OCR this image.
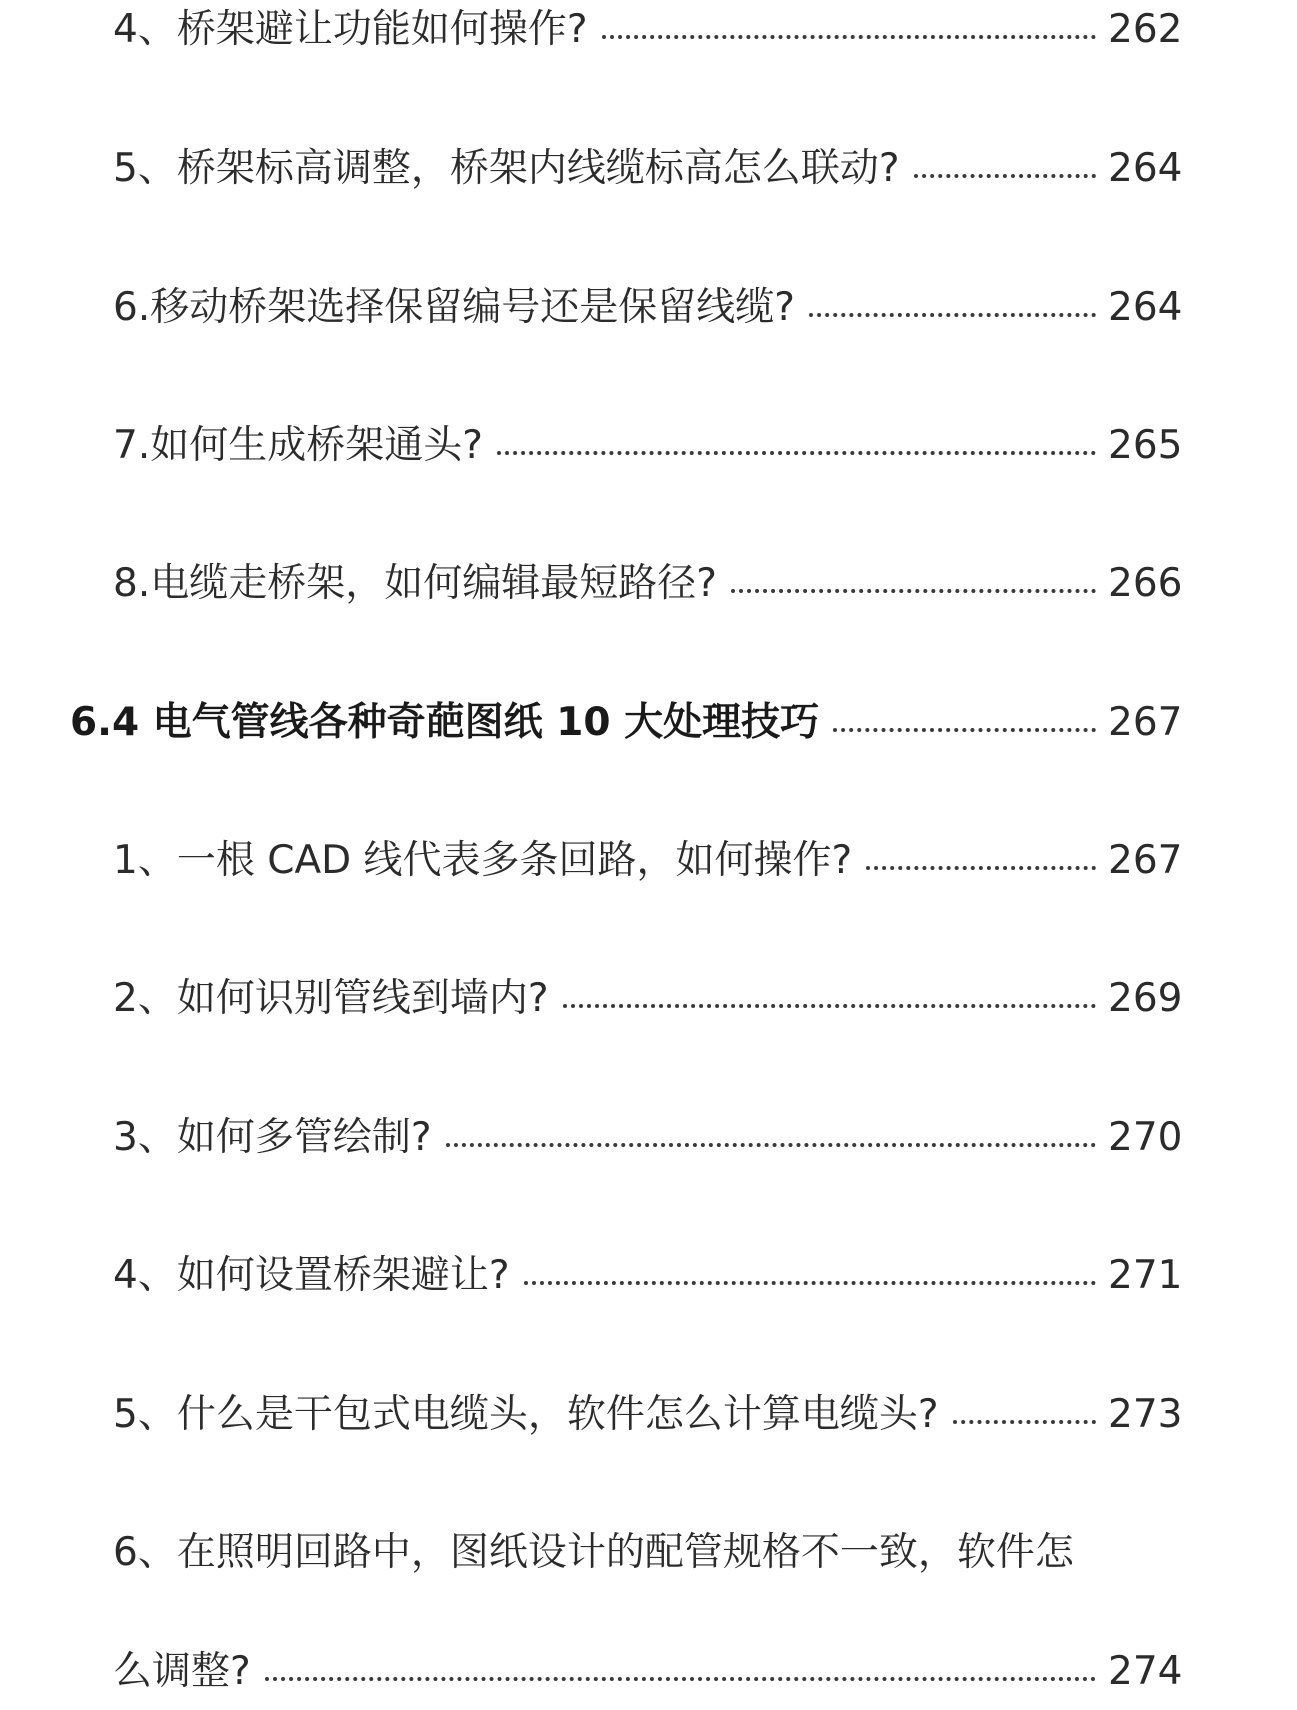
4、桥架避让功能如何操作?	262
5、桥架标高调整，桥架内线缆标高怎么联动?	264
6.移动桥架选择保留编号还是保留线缆?	264
7.如何生成桥架通头?	265
8.电缆走桥架，如何编辑最短路径?	266
6.4 电气管线各种奇葩图纸 10 大处理技巧	267
1、一根 CAD 线代表多条回路，如何操作?	267
2、如何识别管线到墙内?	269
3、如何多管绘制?	270
4、如何设置桥架避让?	271
5、什么是干包式电缆头，软件怎么计算电缆头?	273
6、在照明回路中，图纸设计的配管规格不一致，软件怎
么调整?	274
